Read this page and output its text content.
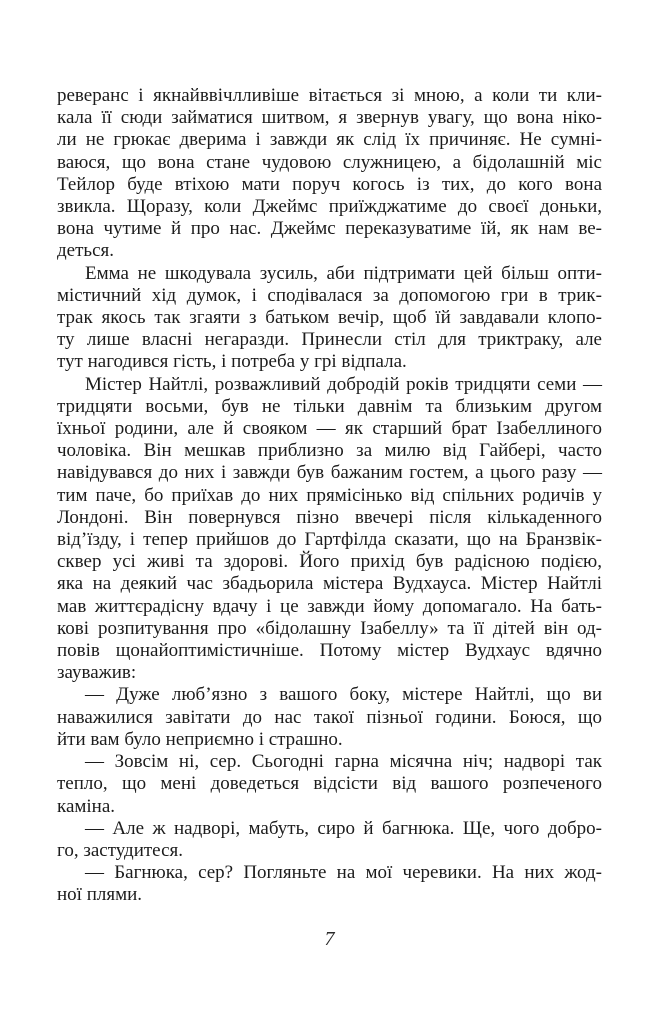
реверанс і якнайввічлливіше вітається зі мною, а коли ти кли-
кала її сюди займатися шитвом, я звернув увагу, що вона ніко-
ли не грюкає дверима і завжди як слід їх причиняє. Не сумні-
ваюся, що вона стане чудовою служницею, а бідолашній міс
Тейлор буде втіхою мати поруч когось із тих, до кого вона
звикла. Щоразу, коли Джеймс приїжджатиме до своєї доньки,
вона чутиме й про нас. Джеймс переказуватиме їй, як нам ве-
деться.
Емма не шкодувала зусиль, аби підтримати цей більш опти-
містичний хід думок, і сподівалася за допомогою гри в трик-
трак якось так згаяти з батьком вечір, щоб їй завдавали клопо-
ту лише власні негаразди. Принесли стіл для триктраку, але
тут нагодився гість, і потреба у грі відпала.
Містер Найтлі, розважливий добродій років тридцяти семи —
тридцяти восьми, був не тільки давнім та близьким другом
їхньої родини, але й свояком — як старший брат Ізабеллиного
чоловіка. Він мешкав приблизно за милю від Гайбері, часто
навідувався до них і завжди був бажаним гостем, а цього разу —
тим паче, бо приїхав до них прямісінько від спільних родичів у
Лондоні. Він повернувся пізно ввечері після кількаденного
від’їзду, і тепер прийшов до Гартфілда сказати, що на Бранзвік-
сквер усі живі та здорові. Його прихід був радісною подією,
яка на деякий час збадьорила містера Вудхауса. Містер Найтлі
мав життєрадісну вдачу і це завжди йому допомагало. На бать-
кові розпитування про «бідолашну Ізабеллу» та її дітей він од-
повів щонайоптимістичніше. Потому містер Вудхаус вдячно
зауважив:
— Дуже люб’язно з вашого боку, містере Найтлі, що ви
наважилися завітати до нас такої пізньої години. Боюся, що
йти вам було неприємно і страшно.
— Зовсім ні, сер. Сьогодні гарна місячна ніч; надворі так
тепло, що мені доведеться відсісти від вашого розпеченого
каміна.
— Але ж надворі, мабуть, сиро й багнюка. Ще, чого добро-
го, застудитеся.
— Багнюка, сер? Погляньте на мої черевики. На них жод-
ної плями.
7
